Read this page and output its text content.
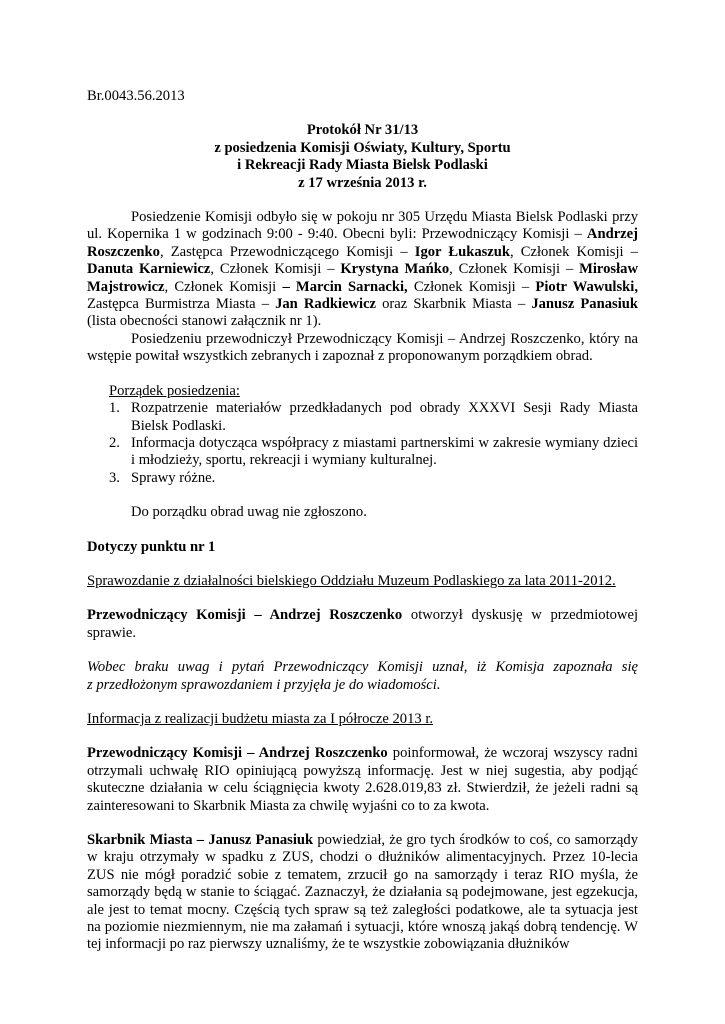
Br.0043.56.2013

Protokół Nr 31/13

z posiedzenia Komisji Oświaty, Kultury, Sportu

i Rekreacji Rady Miasta Bielsk Podlaski

z 17 września 2013 r.

Posiedzenie Komisji odbyło się w pokoju nr 305 Urzędu Miasta Bielsk Podlaski przy ul. Kopernika 1 w godzinach 9:00 - 9:40. Obecni byli: Przewodniczący Komisji – Andrzej Roszczenko, Zastępca Przewodniczącego Komisji – Igor Łukaszuk, Członek Komisji – Danuta Karniewicz, Członek Komisji – Krystyna Mańko, Członek Komisji – Mirosław Majstrowicz, Członek Komisji – Marcin Sarnacki, Członek Komisji – Piotr Wawulski, Zastępca Burmistrza Miasta – Jan Radkiewicz oraz Skarbnik Miasta – Janusz Panasiuk (lista obecności stanowi załącznik nr 1).

Posiedzeniu przewodniczył Przewodniczący Komisji – Andrzej Roszczenko, który na wstępie powitał wszystkich zebranych i zapoznał z proponowanym porządkiem obrad.

Porządek posiedzenia:

1. Rozpatrzenie materiałów przedkładanych pod obrady XXXVI Sesji Rady Miasta Bielsk Podlaski.
2. Informacja dotycząca współpracy z miastami partnerskimi w zakresie wymiany dzieci i młodzieży, sportu, rekreacji i wymiany kulturalnej.
3. Sprawy różne.

Do porządku obrad uwag nie zgłoszono.

Dotyczy punktu nr 1

Sprawozdanie z działalności bielskiego Oddziału Muzeum Podlaskiego za lata 2011-2012.

Przewodniczący Komisji – Andrzej Roszczenko otworzył dyskusję w przedmiotowej sprawie.

Wobec braku uwag i pytań Przewodniczący Komisji uznał, iż Komisja zapoznała się

z przedłożonym sprawozdaniem i przyjęła je do wiadomości.

Informacja z realizacji budżetu miasta za I półrocze 2013 r.

Przewodniczący Komisji – Andrzej Roszczenko poinformował, że wczoraj wszyscy radni otrzymali uchwałę RIO opiniującą powyższą informację. Jest w niej sugestia, aby podjąć skuteczne działania w celu ściągnięcia kwoty 2.628.019,83 zł. Stwierdził, że jeżeli radni są zainteresowani to Skarbnik Miasta za chwilę wyjaśni co to za kwota.

Skarbnik Miasta – Janusz Panasiuk powiedział, że gro tych środków to coś, co samorządy w kraju otrzymały w spadku z ZUS, chodzi o dłużników alimentacyjnych. Przez 10-lecia ZUS nie mógł poradzić sobie z tematem, zrzucił go na samorządy i teraz RIO myśla, że samorządy będą w stanie to ściągać. Zaznaczył, że działania są podejmowane, jest egzekucja, ale jest to temat mocny. Częścią tych spraw są też zaległości podatkowe, ale ta sytuacja jest na poziomie niezmiennym, nie ma załamań i sytuacji, które wnoszą jakąś dobrą tendencję. W tej informacji po raz pierwszy uznaliśmy, że te wszystkie zobowiązania dłużników
